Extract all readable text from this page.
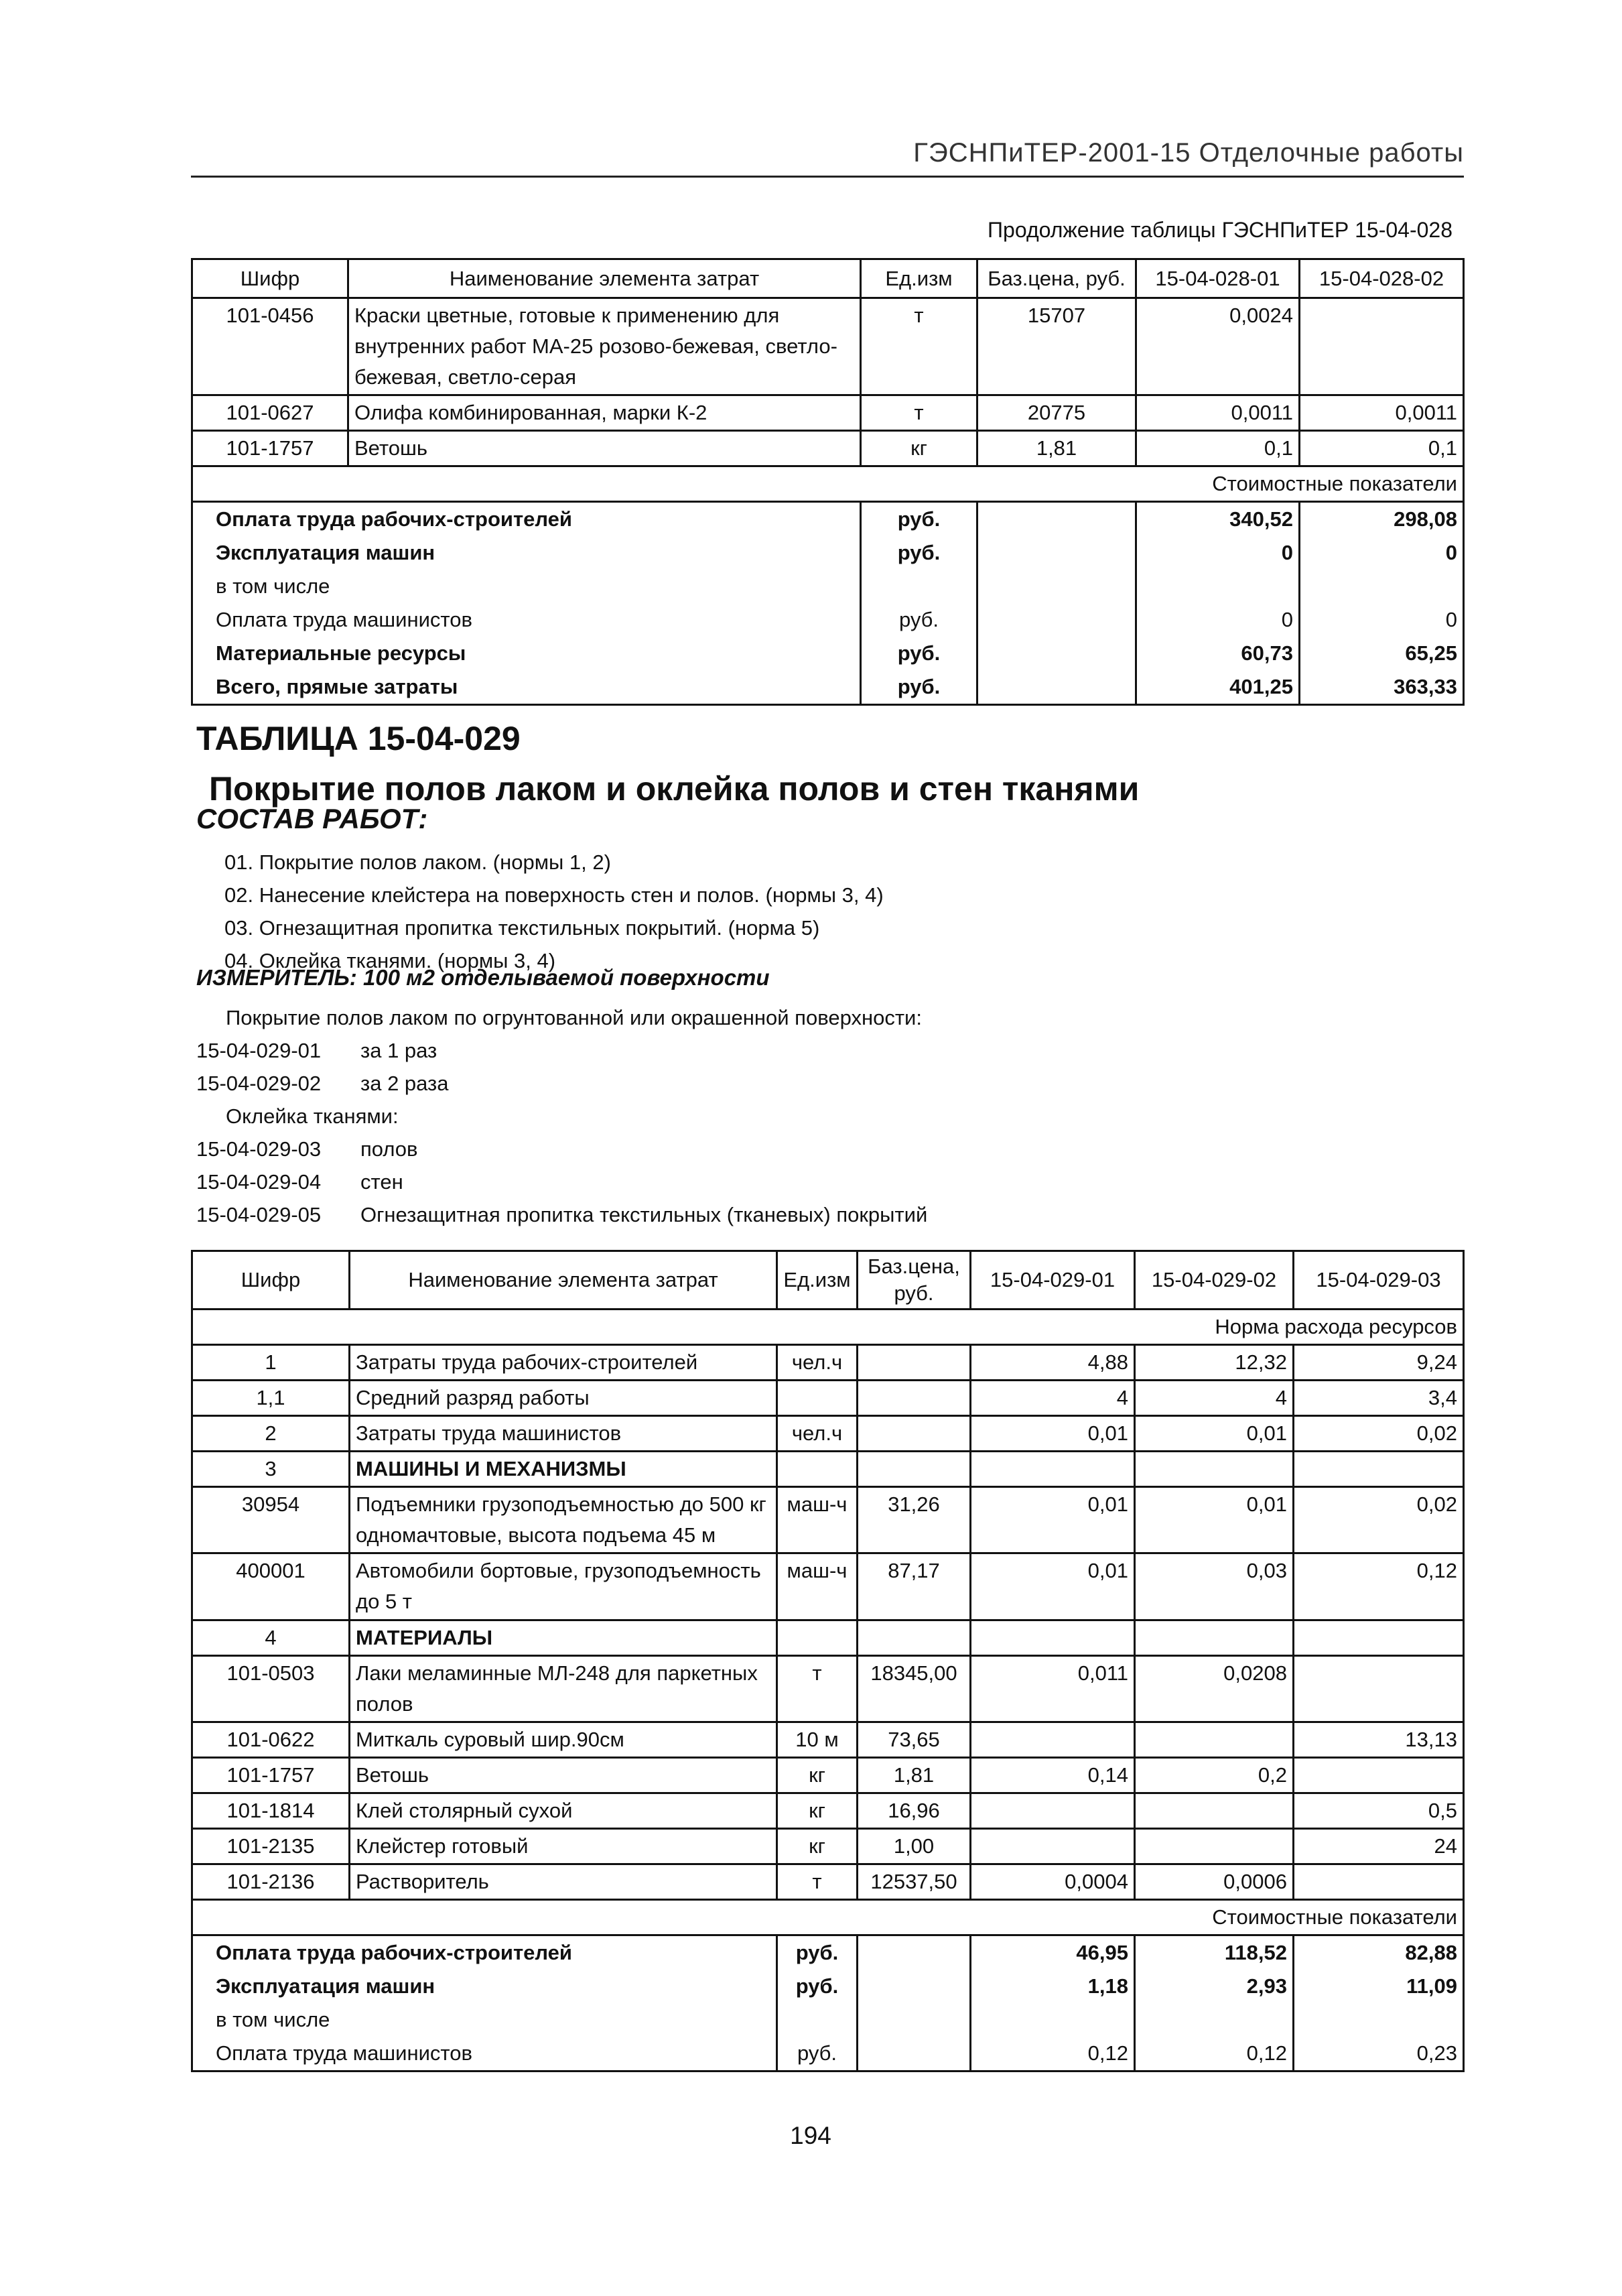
ГЭСНПиТЕР-2001-15 Отделочные работы
Продолжение таблицы ГЭСНПиТЕР 15-04-028
Шифр	Наименование элемента затрат	Ед.изм	Баз.цена, руб.	15-04-028-01	15-04-028-02
101-0456	Краски цветные, готовые к применению для внутренних работ МА-25 розово-бежевая, светло-бежевая, светло-серая	т	15707	0,0024	
101-0627	Олифа комбинированная, марки К-2	т	20775	0,0011	0,0011
101-1757	Ветошь	кг	1,81	0,1	0,1
Стоимостные показатели					
Оплата труда рабочих-строителей		руб.		340,52	298,08
Эксплуатация машин		руб.		0	0
в том числе					
Оплата труда машинистов		руб.		0	0
Материальные ресурсы		руб.		60,73	65,25
Всего, прямые затраты		руб.		401,25	363,33
ТАБЛИЦА 15-04-029
Покрытие полов лаком и оклейка полов и стен тканями
СОСТАВ РАБОТ:
01. Покрытие полов лаком. (нормы 1, 2)
02. Нанесение клейстера на поверхность стен и полов. (нормы 3, 4)
03. Огнезащитная пропитка текстильных покрытий. (норма 5)
04. Оклейка тканями. (нормы 3, 4)
ИЗМЕРИТЕЛЬ: 100 м2 отделываемой поверхности
Покрытие полов лаком по огрунтованной или окрашенной поверхности:
15-04-029-01 за 1 раз
15-04-029-02 за 2 раза
Оклейка тканями:
15-04-029-03 полов
15-04-029-04 стен
15-04-029-05 Огнезащитная пропитка текстильных (тканевых) покрытий
Шифр	Наименование элемента затрат	Ед.изм	Баз.цена, руб.	15-04-029-01	15-04-029-02	15-04-029-03
Норма расхода ресурсов						
1	Затраты труда рабочих-строителей	чел.ч		4,88	12,32	9,24
1,1	Средний разряд работы			4	4	3,4
2	Затраты труда машинистов	чел.ч		0,01	0,01	0,02
3	МАШИНЫ И МЕХАНИЗМЫ					
30954	Подъемники грузоподъемностью до 500 кг одномачтовые, высота подъема 45 м	маш-ч	31,26	0,01	0,01	0,02
400001	Автомобили бортовые, грузоподъемность до 5 т	маш-ч	87,17	0,01	0,03	0,12
4	МАТЕРИАЛЫ					
101-0503	Лаки меламинные МЛ-248 для паркетных полов	т	18345,00	0,011	0,0208	
101-0622	Миткаль суровый шир.90см	10 м	73,65			13,13
101-1757	Ветошь	кг	1,81	0,14	0,2	
101-1814	Клей столярный сухой	кг	16,96			0,5
101-2135	Клейстер готовый	кг	1,00			24
101-2136	Растворитель	т	12537,50	0,0004	0,0006	
Стоимостные показатели						
Оплата труда рабочих-строителей		руб.		46,95	118,52	82,88
Эксплуатация машин		руб.		1,18	2,93	11,09
в том числе						
Оплата труда машинистов		руб.		0,12	0,12	0,23
194
